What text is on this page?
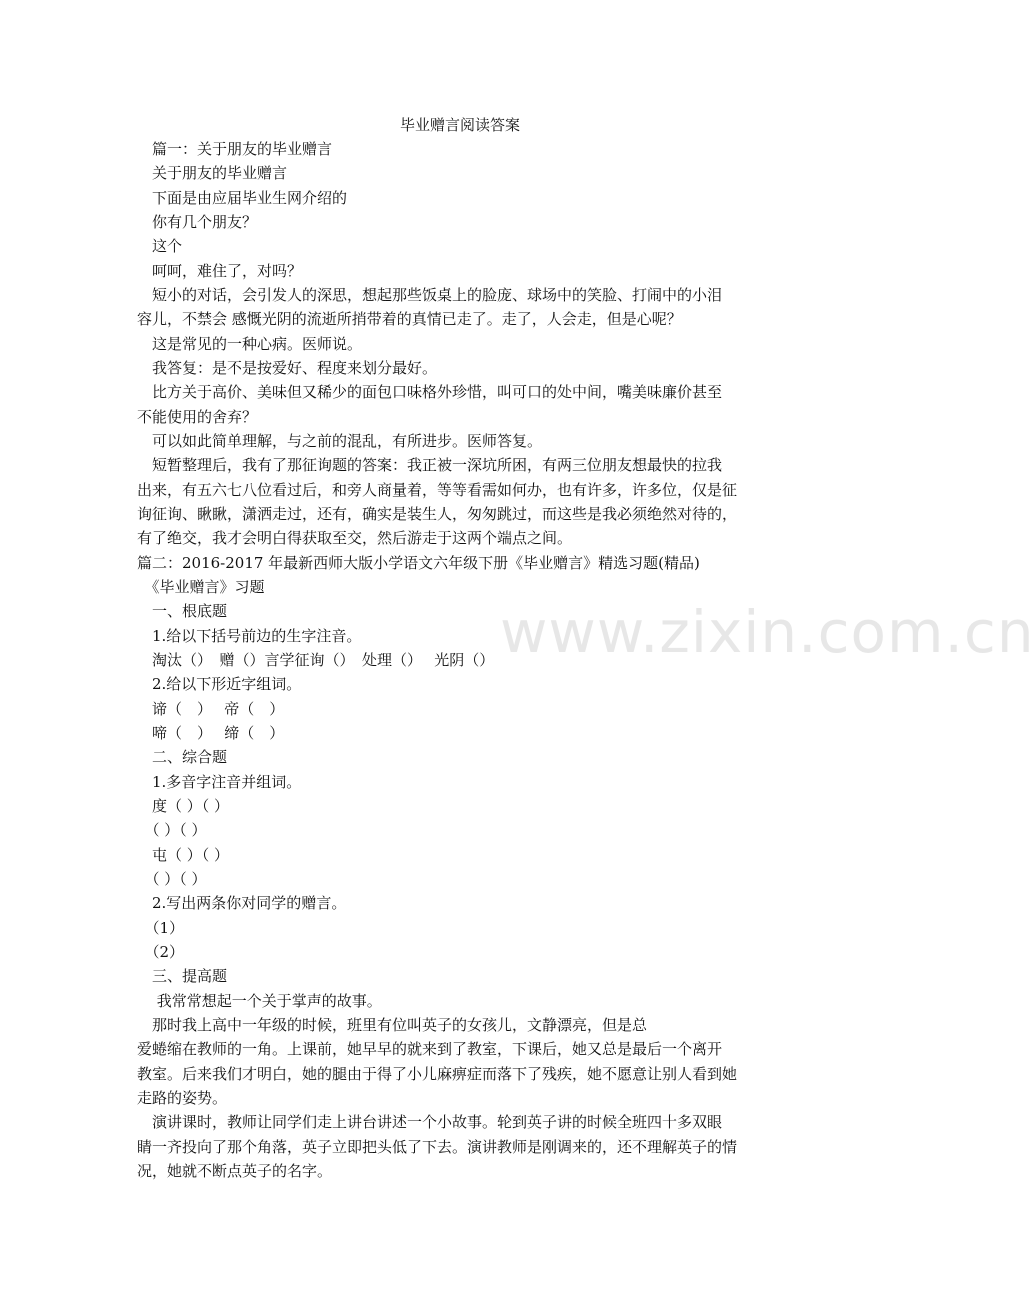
毕业赠言阅读答案
　篇一：关于朋友的毕业赠言
　关于朋友的毕业赠言
　下面是由应届毕业生网介绍的
　你有几个朋友？
　这个
　呵呵，难住了，对吗？
　短小的对话，会引发人的深思，想起那些饭桌上的脸庞、球场中的笑脸、打闹中的小泪
容儿，不禁会 感慨光阴的流逝所捎带着的真情已走了。走了，人会走，但是心呢？
　这是常见的一种心病。医师说。
　我答复：是不是按爱好、程度来划分最好。
　比方关于高价、美味但又稀少的面包口味格外珍惜，叫可口的处中间，嘴美味廉价甚至
不能使用的舍弃？
　可以如此简单理解，与之前的混乱，有所进步。医师答复。
　短暂整理后，我有了那征询题的答案：我正被一深坑所困，有两三位朋友想最快的拉我
出来，有五六七八位看过后，和旁人商量着，等等看需如何办，也有许多，许多位，仅是征
询征询、瞅瞅，潇洒走过，还有，确实是装生人，匆匆跳过，而这些是我必须绝然对待的，
有了绝交，我才会明白得获取至交，然后游走于这两个端点之间。
篇二：2016-2017 年最新西师大版小学语文六年级下册《毕业赠言》精选习题(精品)
　《毕业赠言》习题
　一、根底题
　1.给以下括号前边的生字注音。
　淘汰（）　赠（）言学征询（）　处理（）　 光阴（）
　2.给以下形近字组词。
　谛（　）　 帝（　）
　啼（　）　 缔（　）
　二、综合题
　1.多音字注音并组词。
　度（ ）（ ）
　（ ）（ ）
　屯（ ）（ ）
　（ ）（ ）
　2.写出两条你对同学的赠言。
　（1）
　（2）
　三、提高题
　 我常常想起一个关于掌声的故事。
　那时我上高中一年级的时候，班里有位叫英子的女孩儿，文静漂亮，但是总
爱蜷缩在教师的一角。上课前，她早早的就来到了教室，下课后，她又总是最后一个离开
教室。后来我们才明白，她的腿由于得了小儿麻痹症而落下了残疾，她不愿意让别人看到她
走路的姿势。
　演讲课时，教师让同学们走上讲台讲述一个小故事。轮到英子讲的时候全班四十多双眼
睛一齐投向了那个角落，英子立即把头低了下去。演讲教师是刚调来的，还不理解英子的情
况，她就不断点英子的名字。
www.zixin.com.cn
